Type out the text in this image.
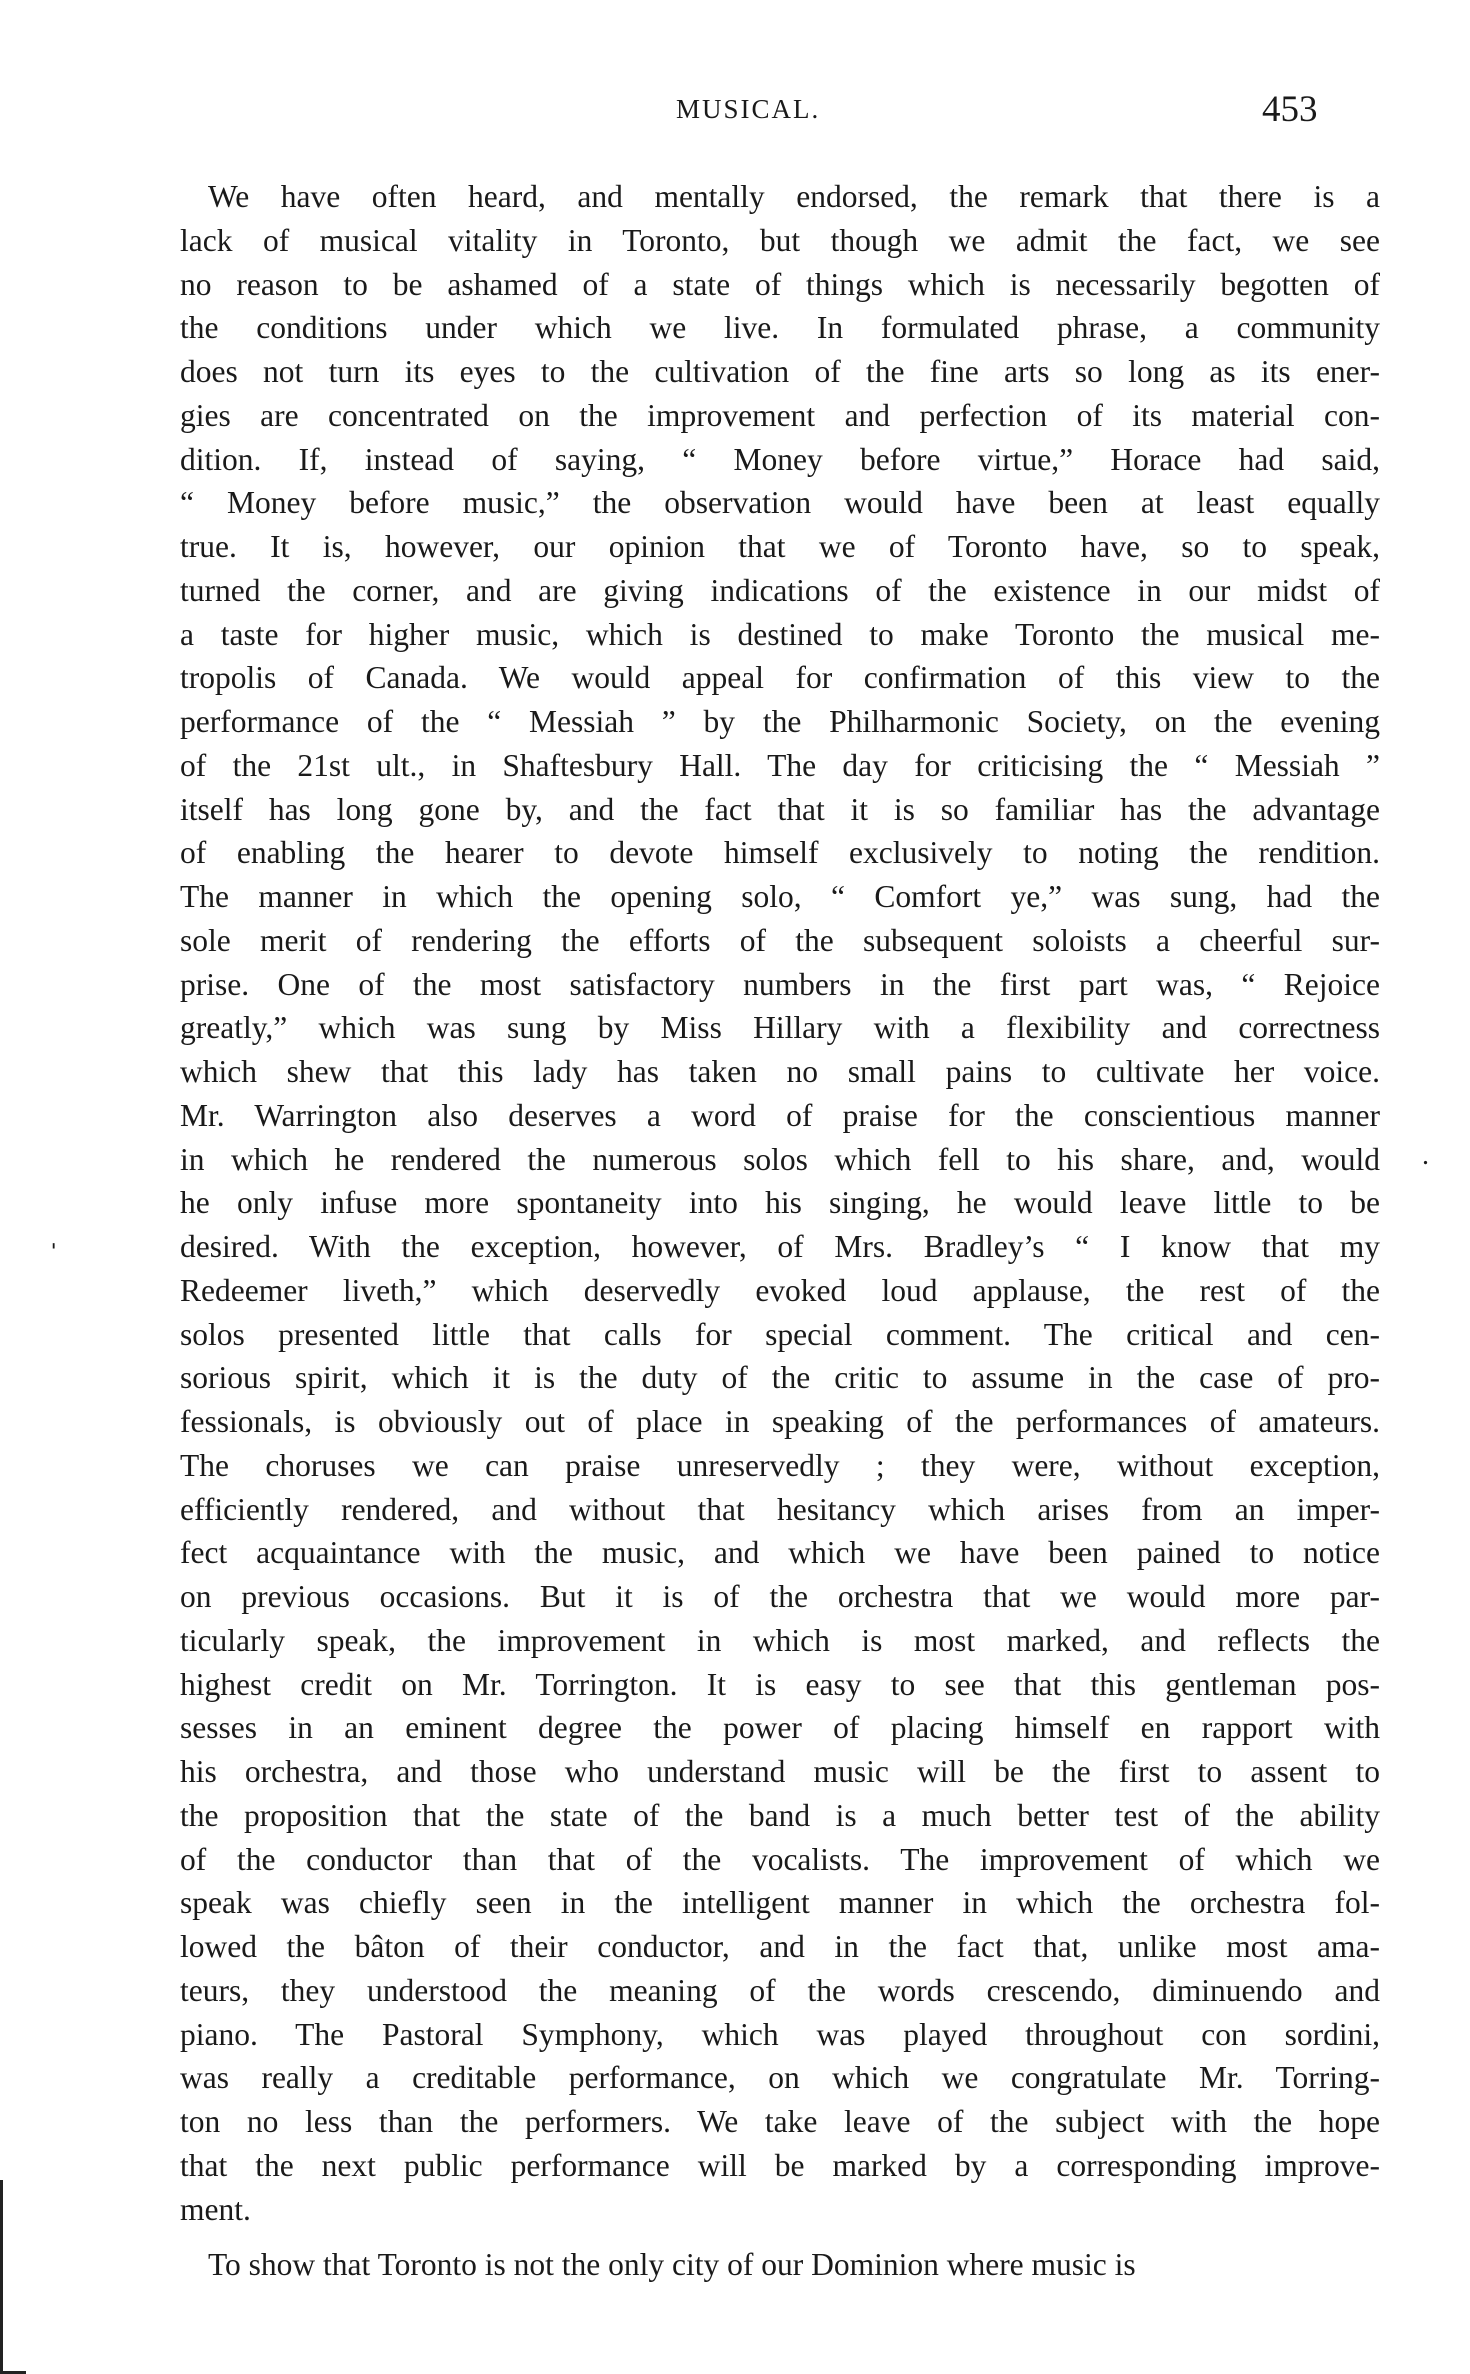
MUSICAL.	453
We have often heard, and mentally endorsed, the remark that there is a
lack of musical vitality in Toronto, but though we admit the fact, we see
no reason to be ashamed of a state of things which is necessarily begotten of
the conditions under which we live. In formulated phrase, a community
does not turn its eyes to the cultivation of the fine arts so long as its ener-
gies are concentrated on the improvement and perfection of its material con-
dition. If, instead of saying, “ Money before virtue,” Horace had said,
“ Money before music,” the observation would have been at least equally
true. It is, however, our opinion that we of Toronto have, so to speak,
turned the corner, and are giving indications of the existence in our midst of
a taste for higher music, which is destined to make Toronto the musical me-
tropolis of Canada. We would appeal for confirmation of this view to the
performance of the “ Messiah ” by the Philharmonic Society, on the evening
of the 21st ult., in Shaftesbury Hall. The day for criticising the “ Messiah ”
itself has long gone by, and the fact that it is so familiar has the advantage
of enabling the hearer to devote himself exclusively to noting the rendition.
The manner in which the opening solo, “ Comfort ye,” was sung, had the
sole merit of rendering the efforts of the subsequent soloists a cheerful sur-
prise. One of the most satisfactory numbers in the first part was, “ Rejoice
greatly,” which was sung by Miss Hillary with a flexibility and correctness
which shew that this lady has taken no small pains to cultivate her voice.
Mr. Warrington also deserves a word of praise for the conscientious manner
in which he rendered the numerous solos which fell to his share, and, would
he only infuse more spontaneity into his singing, he would leave little to be
desired. With the exception, however, of Mrs. Bradley’s “ I know that my
Redeemer liveth,” which deservedly evoked loud applause, the rest of the
solos presented little that calls for special comment. The critical and cen-
sorious spirit, which it is the duty of the critic to assume in the case of pro-
fessionals, is obviously out of place in speaking of the performances of amateurs.
The choruses we can praise unreservedly ; they were, without exception,
efficiently rendered, and without that hesitancy which arises from an imper-
fect acquaintance with the music, and which we have been pained to notice
on previous occasions. But it is of the orchestra that we would more par-
ticularly speak, the improvement in which is most marked, and reflects the
highest credit on Mr. Torrington. It is easy to see that this gentleman pos-
sesses in an eminent degree the power of placing himself en rapport with
his orchestra, and those who understand music will be the first to assent to
the proposition that the state of the band is a much better test of the ability
of the conductor than that of the vocalists. The improvement of which we
speak was chiefly seen in the intelligent manner in which the orchestra fol-
lowed the bâton of their conductor, and in the fact that, unlike most ama-
teurs, they understood the meaning of the words crescendo, diminuendo and
piano. The Pastoral Symphony, which was played throughout con sordini,
was really a creditable performance, on which we congratulate Mr. Torring-
ton no less than the performers. We take leave of the subject with the hope
that the next public performance will be marked by a corresponding improve-
ment.
To show that Toronto is not the only city of our Dominion where music is
ˌ
.
